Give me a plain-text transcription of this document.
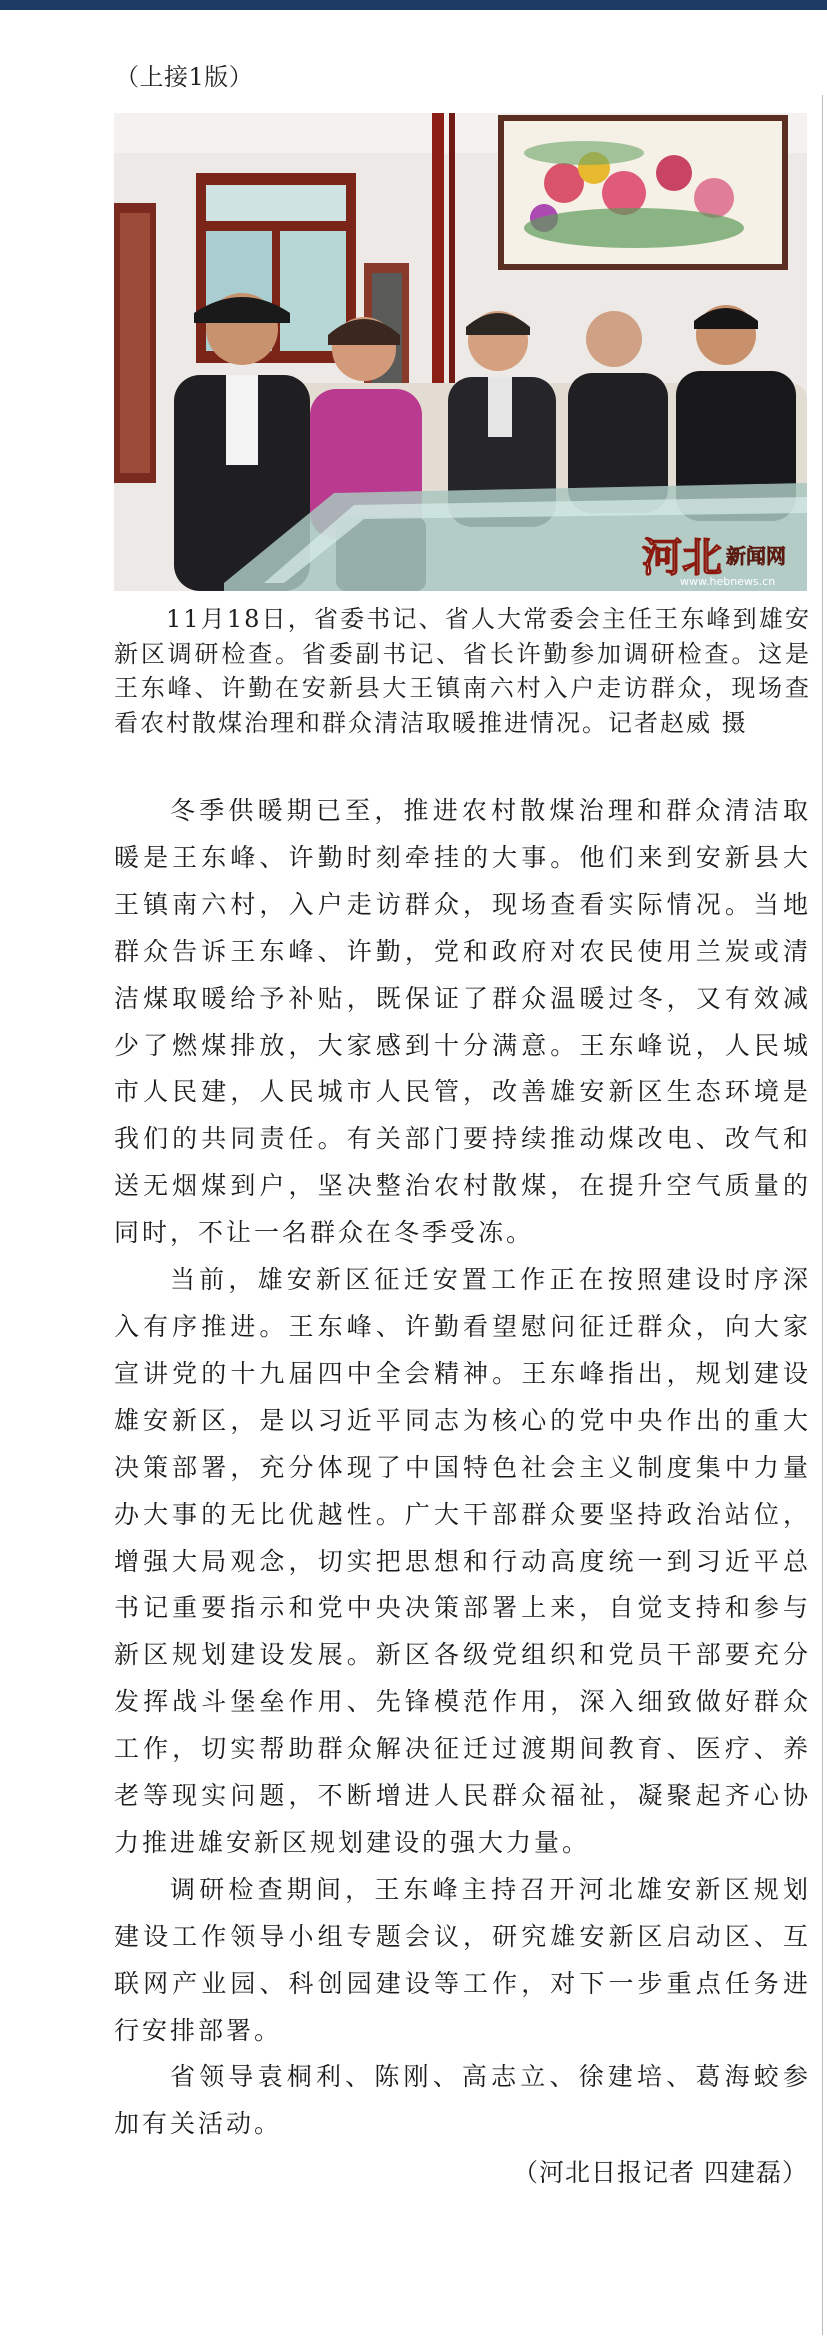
（上接1版）
河北 新闻网
www.hebnews.cn

11月18日，省委书记、省人大常委会主任王东峰到雄安新区调研检查。省委副书记、省长许勤参加调研检查。这是王东峰、许勤在安新县大王镇南六村入户走访群众，现场查看农村散煤治理和群众清洁取暖推进情况。记者赵威 摄

冬季供暖期已至，推进农村散煤治理和群众清洁取暖是王东峰、许勤时刻牵挂的大事。他们来到安新县大王镇南六村，入户走访群众，现场查看实际情况。当地群众告诉王东峰、许勤，党和政府对农民使用兰炭或清洁煤取暖给予补贴，既保证了群众温暖过冬，又有效减少了燃煤排放，大家感到十分满意。王东峰说，人民城市人民建，人民城市人民管，改善雄安新区生态环境是我们的共同责任。有关部门要持续推动煤改电、改气和送无烟煤到户，坚决整治农村散煤，在提升空气质量的同时，不让一名群众在冬季受冻。

当前，雄安新区征迁安置工作正在按照建设时序深入有序推进。王东峰、许勤看望慰问征迁群众，向大家宣讲党的十九届四中全会精神。王东峰指出，规划建设雄安新区，是以习近平同志为核心的党中央作出的重大决策部署，充分体现了中国特色社会主义制度集中力量办大事的无比优越性。广大干部群众要坚持政治站位，增强大局观念，切实把思想和行动高度统一到习近平总书记重要指示和党中央决策部署上来，自觉支持和参与新区规划建设发展。新区各级党组织和党员干部要充分发挥战斗堡垒作用、先锋模范作用，深入细致做好群众工作，切实帮助群众解决征迁过渡期间教育、医疗、养老等现实问题，不断增进人民群众福祉，凝聚起齐心协力推进雄安新区规划建设的强大力量。

调研检查期间，王东峰主持召开河北雄安新区规划建设工作领导小组专题会议，研究雄安新区启动区、互联网产业园、科创园建设等工作，对下一步重点任务进行安排部署。

省领导袁桐利、陈刚、高志立、徐建培、葛海蛟参加有关活动。

（河北日报记者 四建磊）
